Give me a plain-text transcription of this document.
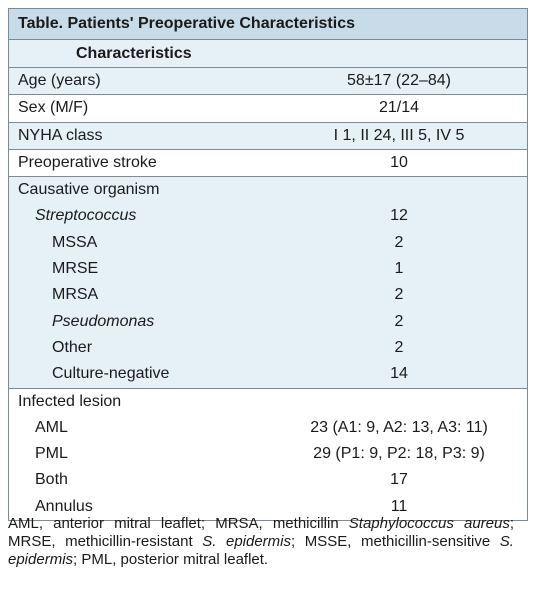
Table. Patients' Preoperative Characteristics
Characteristics
Age (years)	58±17 (22–84)
Sex (M/F)	21/14
NYHA class	I 1, II 24, III 5, IV 5
Preoperative stroke	10
Causative organism
Streptococcus	12
MSSA	2
MRSE	1
MRSA	2
Pseudomonas	2
Other	2
Culture-negative	14
Infected lesion
AML	23 (A1: 9, A2: 13, A3: 11)
PML	29 (P1: 9, P2: 18, P3: 9)
Both	17
Annulus	11
AML, anterior mitral leaflet; MRSA, methicillin Staphylococcus aureus; MRSE, methicillin-resistant S. epidermis; MSSE, methicillin-sensitive S. epidermis; PML, posterior mitral leaflet.
